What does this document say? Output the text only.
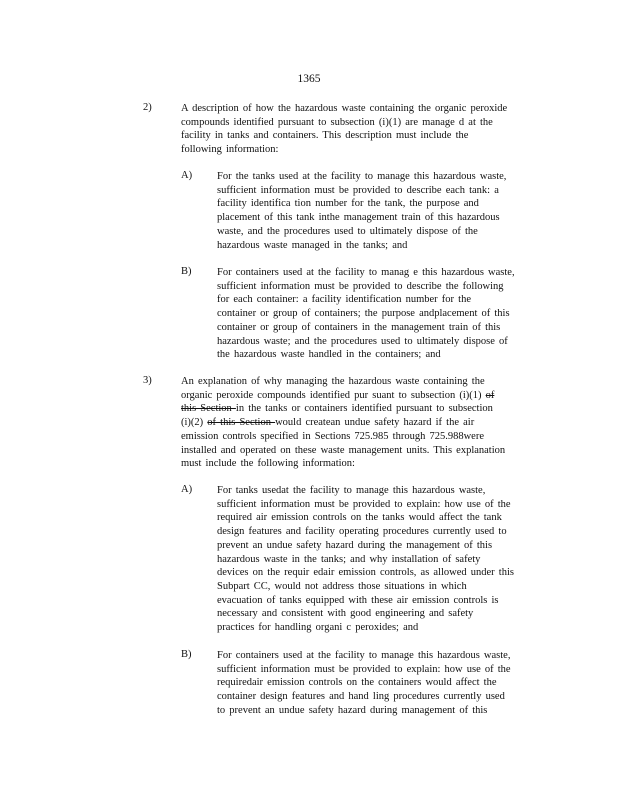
1365
2)	A description of how the hazardous waste containing the organic peroxide
compounds identified pursuant to subsection (i)(1) are manage d at the
facility in tanks and containers. This description must include the
following information:
A) For the tanks used at the facility to manage this hazardous waste,
sufficient information must be provided to describe each tank: a
facility identifica tion number for the tank, the purpose and
placement of this tank inthe management train of this hazardous
waste, and the procedures used to ultimately dispose of the
hazardous waste managed in the tanks; and
B) For containers used at the facility to manag e this hazardous waste,
sufficient information must be provided to describe the following
for each container: a facility identification number for the
container or group of containers; the purpose andplacement of this
container or group of containers in the management train of this
hazardous waste; and the procedures used to ultimately dispose of
the hazardous waste handled in the containers; and
3)	An explanation of why managing the hazardous waste containing the
organic peroxide compounds identified pur suant to subsection (i)(1) of
this Section in the tanks or containers identified pursuant to subsection
(i)(2) of this Section would createan undue safety hazard if the air
emission controls specified in Sections 725.985 through 725.988were
installed and operated on these waste management units. This explanation
must include the following information:
A) For tanks usedat the facility to manage this hazardous waste,
sufficient information must be provided to explain: how use of the
required air emission controls on the tanks would affect the tank
design features and facility operating procedures currently used to
prevent an undue safety hazard during the management of this
hazardous waste in the tanks; and why installation of safety
devices on the requir edair emission controls, as allowed under this
Subpart CC, would not address those situations in which
evacuation of tanks equipped with these air emission controls is
necessary and consistent with good engineering and safety
practices for handling organi c peroxides; and
B) For containers used at the facility to manage this hazardous waste,
sufficient information must be provided to explain: how use of the
requiredair emission controls on the containers would affect the
container design features and hand ling procedures currently used
to prevent an undue safety hazard during management of this
